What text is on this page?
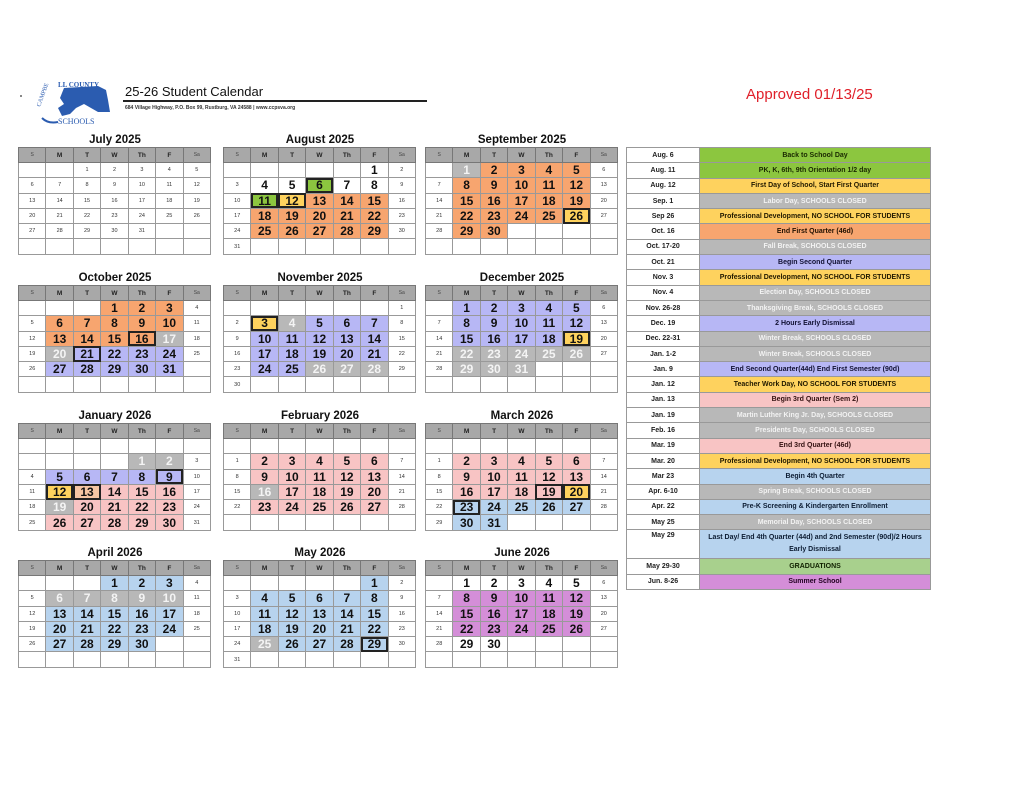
LL COUNTY
CAMPBE
SCHOOLS
25-26 Student Calendar
684 Village Highway, P.O. Box 99, Rustburg, VA 24588 | www.ccpsva.org
Approved 01/13/25
July 2025
S	M	T	W	Th	F	Sa
		1	2	3	4	5
6	7	8	9	10	11	12
13	14	15	16	17	18	19
20	21	22	23	24	25	26
27	28	29	30	31		

August 2025
S	M	T	W	Th	F	Sa
					1	2
3	4	5	6	7	8	9
10	11	12	13	14	15	16
17	18	19	20	21	22	23
24	25	26	27	28	29	30
31						
September 2025
S	M	T	W	Th	F	Sa
	1	2	3	4	5	6
7	8	9	10	11	12	13
14	15	16	17	18	19	20
21	22	23	24	25	26	27
28	29	30				

October 2025
S	M	T	W	Th	F	Sa
			1	2	3	4
5	6	7	8	9	10	11
12	13	14	15	16	17	18
19	20	21	22	23	24	25
26	27	28	29	30	31	

November 2025
S	M	T	W	Th	F	Sa
						1
2	3	4	5	6	7	8
9	10	11	12	13	14	15
16	17	18	19	20	21	22
23	24	25	26	27	28	29
30						
December 2025
S	M	T	W	Th	F	Sa
	1	2	3	4	5	6
7	8	9	10	11	12	13
14	15	16	17	18	19	20
21	22	23	24	25	26	27
28	29	30	31			

January 2026
S	M	T	W	Th	F	Sa

				1	2	3
4	5	6	7	8	9	10
11	12	13	14	15	16	17
18	19	20	21	22	23	24
25	26	27	28	29	30	31
February 2026
S	M	T	W	Th	F	Sa

1	2	3	4	5	6	7
8	9	10	11	12	13	14
15	16	17	18	19	20	21
22	23	24	25	26	27	28

March 2026
S	M	T	W	Th	F	Sa

1	2	3	4	5	6	7
8	9	10	11	12	13	14
15	16	17	18	19	20	21
22	23	24	25	26	27	28
29	30	31				
April 2026
S	M	T	W	Th	F	Sa
			1	2	3	4
5	6	7	8	9	10	11
12	13	14	15	16	17	18
19	20	21	22	23	24	25
26	27	28	29	30		

May 2026
S	M	T	W	Th	F	Sa
					1	2
3	4	5	6	7	8	9
10	11	12	13	14	15	16
17	18	19	20	21	22	23
24	25	26	27	28	29	30
31						
June 2026
S	M	T	W	Th	F	Sa
	1	2	3	4	5	6
7	8	9	10	11	12	13
14	15	16	17	18	19	20
21	22	23	24	25	26	27
28	29	30				

Aug. 6	Back to School Day
Aug. 11	PK, K, 6th, 9th Orientation 1/2 day
Aug. 12	First Day of School, Start First Quarter
Sep. 1	Labor Day, SCHOOLS CLOSED
Sep 26	Professional Development, NO SCHOOL FOR STUDENTS
Oct. 16	End First Quarter (46d)
Oct. 17-20	Fall Break, SCHOOLS CLOSED
Oct. 21	Begin Second Quarter
Nov. 3	Professional Development, NO SCHOOL FOR STUDENTS
Nov. 4	Election Day, SCHOOLS CLOSED
Nov. 26-28	Thanksgiving Break, SCHOOLS CLOSED
Dec. 19	2 Hours Early Dismissal
Dec. 22-31	Winter Break, SCHOOLS CLOSED
Jan. 1-2	Winter Break, SCHOOLS CLOSED
Jan. 9	End Second Quarter(44d) End First Semester (90d)
Jan. 12	Teacher Work Day, NO SCHOOL FOR STUDENTS
Jan. 13	Begin 3rd Quarter (Sem 2)
Jan. 19	Martin Luther King Jr. Day, SCHOOLS CLOSED
Feb. 16	Presidents Day, SCHOOLS CLOSED
Mar. 19	End 3rd Quarter (46d)
Mar. 20	Professional Development, NO SCHOOL FOR STUDENTS
Mar 23	Begin 4th Quarter
Apr. 6-10	Spring Break, SCHOOLS CLOSED
Apr. 22	Pre-K Screening & Kindergarten Enrollment
May 25	Memorial Day, SCHOOLS CLOSED
May 29	Last Day/ End 4th Quarter (44d) and 2nd Semester (90d)/2 Hours Early Dismissal
May 29-30	GRADUATIONS
Jun. 8-26	Summer School
